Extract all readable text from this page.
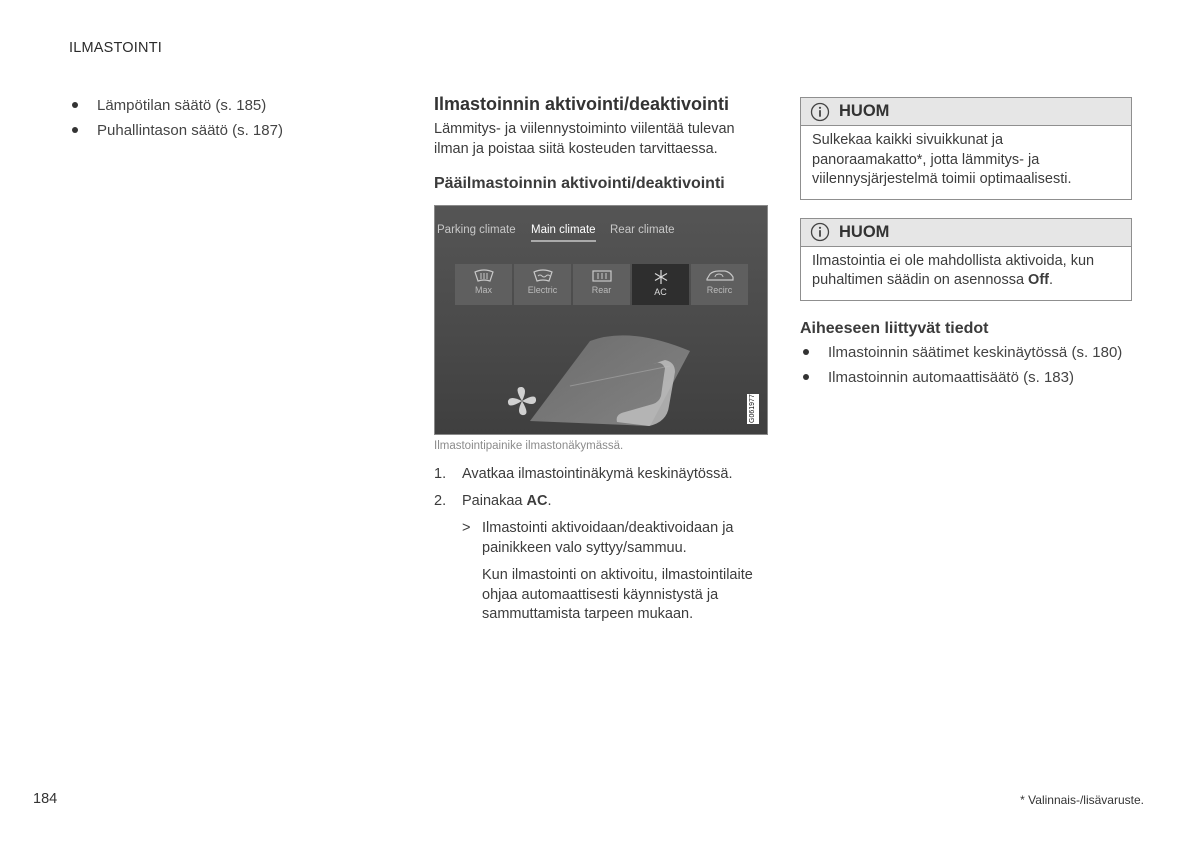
ILMASTOINTI
Lämpötilan säätö (s. 185)
Puhallintason säätö (s. 187)
Ilmastoinnin aktivointi/deaktivointi

Lämmitys- ja viilennystoiminto viilentää tulevan ilman ja poistaa siitä kosteuden tarvittaessa.

Pääilmastoinnin aktivointi/deaktivointi
Parking climate Main climate Rear climate
Max	Electric	Rear	AC	Recirc
G061977
Ilmastointipainike ilmastonäkymässä.
1. Avatkaa ilmastointinäkymä keskinäytössä.
2. Painakaa AC.
> Ilmastointi aktivoidaan/deaktivoidaan ja painikkeen valo syttyy/sammuu.
Kun ilmastointi on aktivoitu, ilmastointilaite ohjaa automaattisesti käynnistystä ja sammuttamista tarpeen mukaan.
HUOM
Sulkekaa kaikki sivuikkunat ja panoraamakatto*, jotta lämmitys- ja viilennysjärjestelmä toimii optimaalisesti.
HUOM
Ilmastointia ei ole mahdollista aktivoida, kun puhaltimen säädin on asennossa Off.
Aiheeseen liittyvät tiedot
Ilmastoinnin säätimet keskinäytössä (s. 180)
Ilmastoinnin automaattisäätö (s. 183)
184	* Valinnais-/lisävaruste.
